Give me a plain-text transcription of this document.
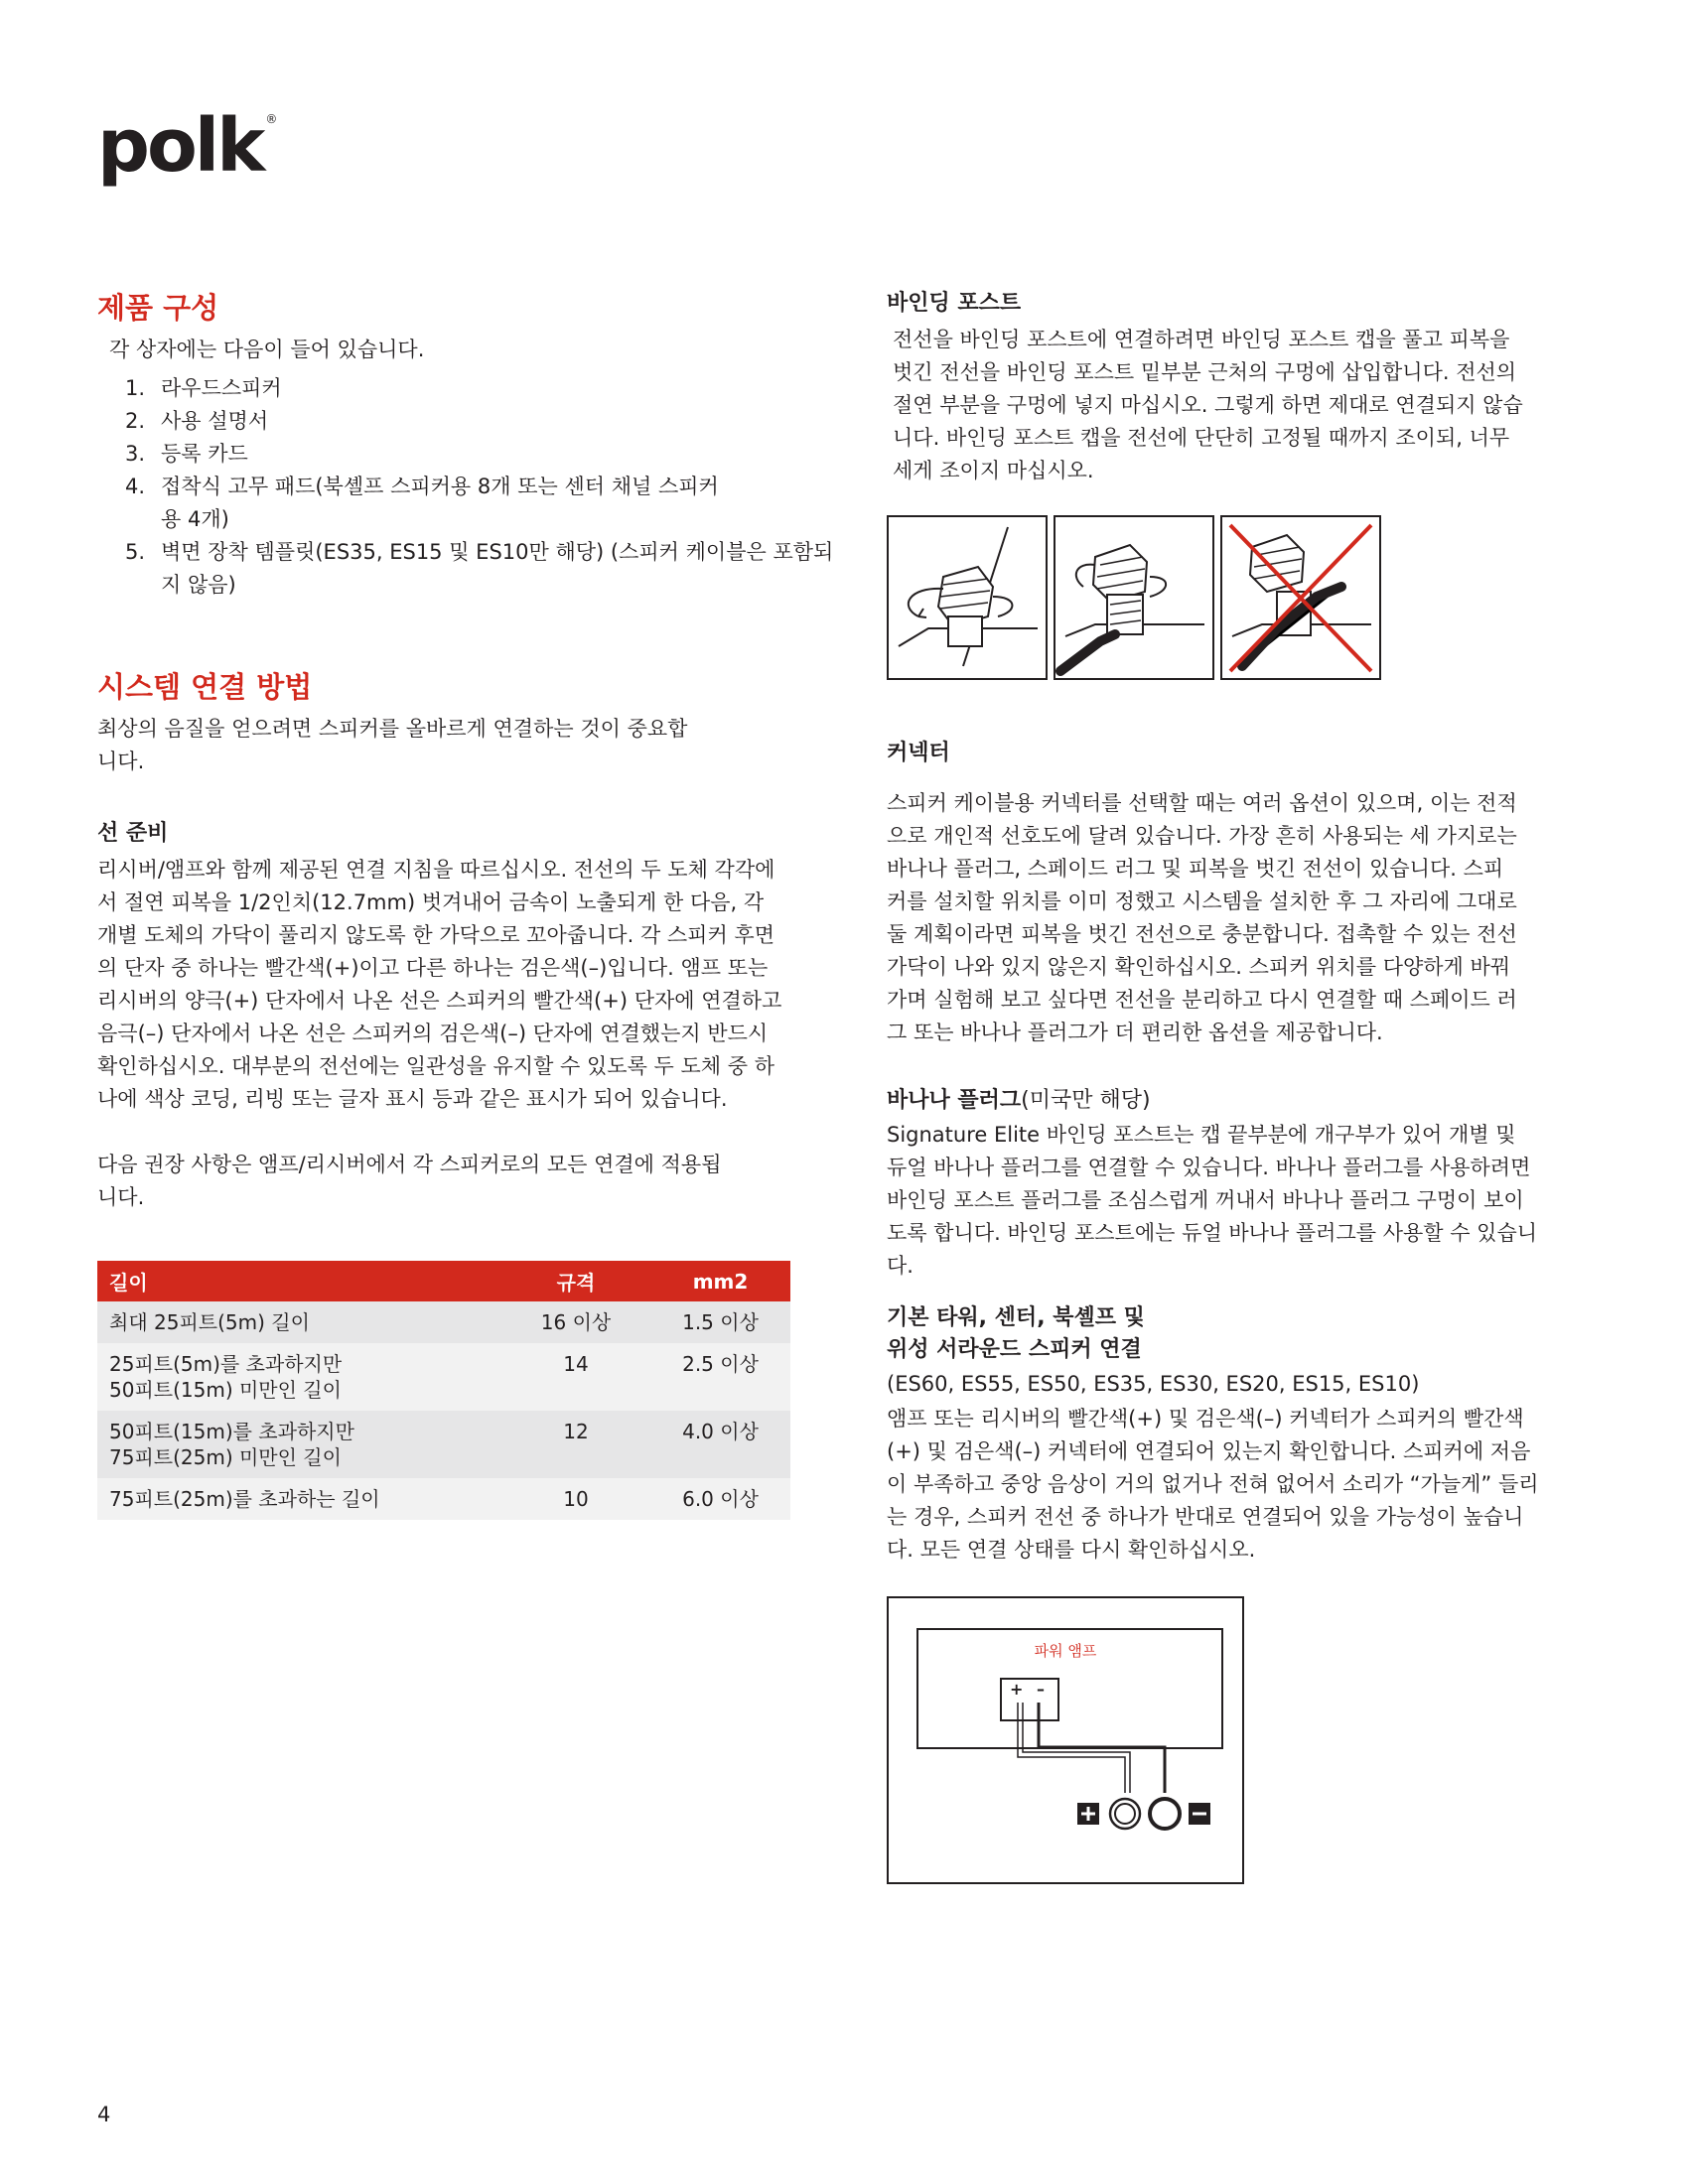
polk ®
제품 구성

각 상자에는 다음이 들어 있습니다.

1. 라우드스피커
2. 사용 설명서
3. 등록 카드
4. 접착식 고무 패드(북셸프 스피커용 8개 또는 센터 채널 스피커용 4개)
5. 벽면 장착 템플릿(ES35, ES15 및 ES10만 해당) (스피커 케이블은 포함되지 않음)
시스템 연결 방법

최상의 음질을 얻으려면 스피커를 올바르게 연결하는 것이 중요합니다.

선 준비

리시버/앰프와 함께 제공된 연결 지침을 따르십시오. 전선의 두 도체 각각에서 절연 피복을 1/2인치(12.7mm) 벗겨내어 금속이 노출되게 한 다음, 각 개별 도체의 가닥이 풀리지 않도록 한 가닥으로 꼬아줍니다. 각 스피커 후면의 단자 중 하나는 빨간색(+)이고 다른 하나는 검은색(–)입니다. 앰프 또는 리시버의 양극(+) 단자에서 나온 선은 스피커의 빨간색(+) 단자에 연결하고 음극(–) 단자에서 나온 선은 스피커의 검은색(–) 단자에 연결했는지 반드시 확인하십시오. 대부분의 전선에는 일관성을 유지할 수 있도록 두 도체 중 하나에 색상 코딩, 리빙 또는 글자 표시 등과 같은 표시가 되어 있습니다.

다음 권장 사항은 앰프/리시버에서 각 스피커로의 모든 연결에 적용됩니다.

길이	규격	mm2
최대 25피트(5m) 길이	16 이상	1.5 이상
25피트(5m)를 초과하지만
50피트(15m) 미만인 길이	14	2.5 이상
50피트(15m)를 초과하지만
75피트(25m) 미만인 길이	12	4.0 이상
75피트(25m)를 초과하는 길이	10	6.0 이상
바인딩 포스트

전선을 바인딩 포스트에 연결하려면 바인딩 포스트 캡을 풀고 피복을 벗긴 전선을 바인딩 포스트 밑부분 근처의 구멍에 삽입합니다. 전선의 절연 부분을 구멍에 넣지 마십시오. 그렇게 하면 제대로 연결되지 않습니다. 바인딩 포스트 캡을 전선에 단단히 고정될 때까지 조이되, 너무 세게 조이지 마십시오.

커넥터

스피커 케이블용 커넥터를 선택할 때는 여러 옵션이 있으며, 이는 전적으로 개인적 선호도에 달려 있습니다. 가장 흔히 사용되는 세 가지로는 바나나 플러그, 스페이드 러그 및 피복을 벗긴 전선이 있습니다. 스피커를 설치할 위치를 이미 정했고 시스템을 설치한 후 그 자리에 그대로 둘 계획이라면 피복을 벗긴 전선으로 충분합니다. 접촉할 수 있는 전선 가닥이 나와 있지 않은지 확인하십시오. 스피커 위치를 다양하게 바꿔가며 실험해 보고 싶다면 전선을 분리하고 다시 연결할 때 스페이드 러그 또는 바나나 플러그가 더 편리한 옵션을 제공합니다.

바나나 플러그(미국만 해당)

Signature Elite 바인딩 포스트는 캡 끝부분에 개구부가 있어 개별 및 듀얼 바나나 플러그를 연결할 수 있습니다. 바나나 플러그를 사용하려면 바인딩 포스트 플러그를 조심스럽게 꺼내서 바나나 플러그 구멍이 보이도록 합니다. 바인딩 포스트에는 듀얼 바나나 플러그를 사용할 수 있습니다.

기본 타워, 센터, 북셸프 및
위성 서라운드 스피커 연결

(ES60, ES55, ES50, ES35, ES30, ES20, ES15, ES10)

앰프 또는 리시버의 빨간색(+) 및 검은색(–) 커넥터가 스피커의 빨간색(+) 및 검은색(–) 커넥터에 연결되어 있는지 확인합니다. 스피커에 저음이 부족하고 중앙 음상이 거의 없거나 전혀 없어서 소리가 “가늘게” 들리는 경우, 스피커 전선 중 하나가 반대로 연결되어 있을 가능성이 높습니다. 모든 연결 상태를 다시 확인하십시오.

파워 앰프
+ –
4
